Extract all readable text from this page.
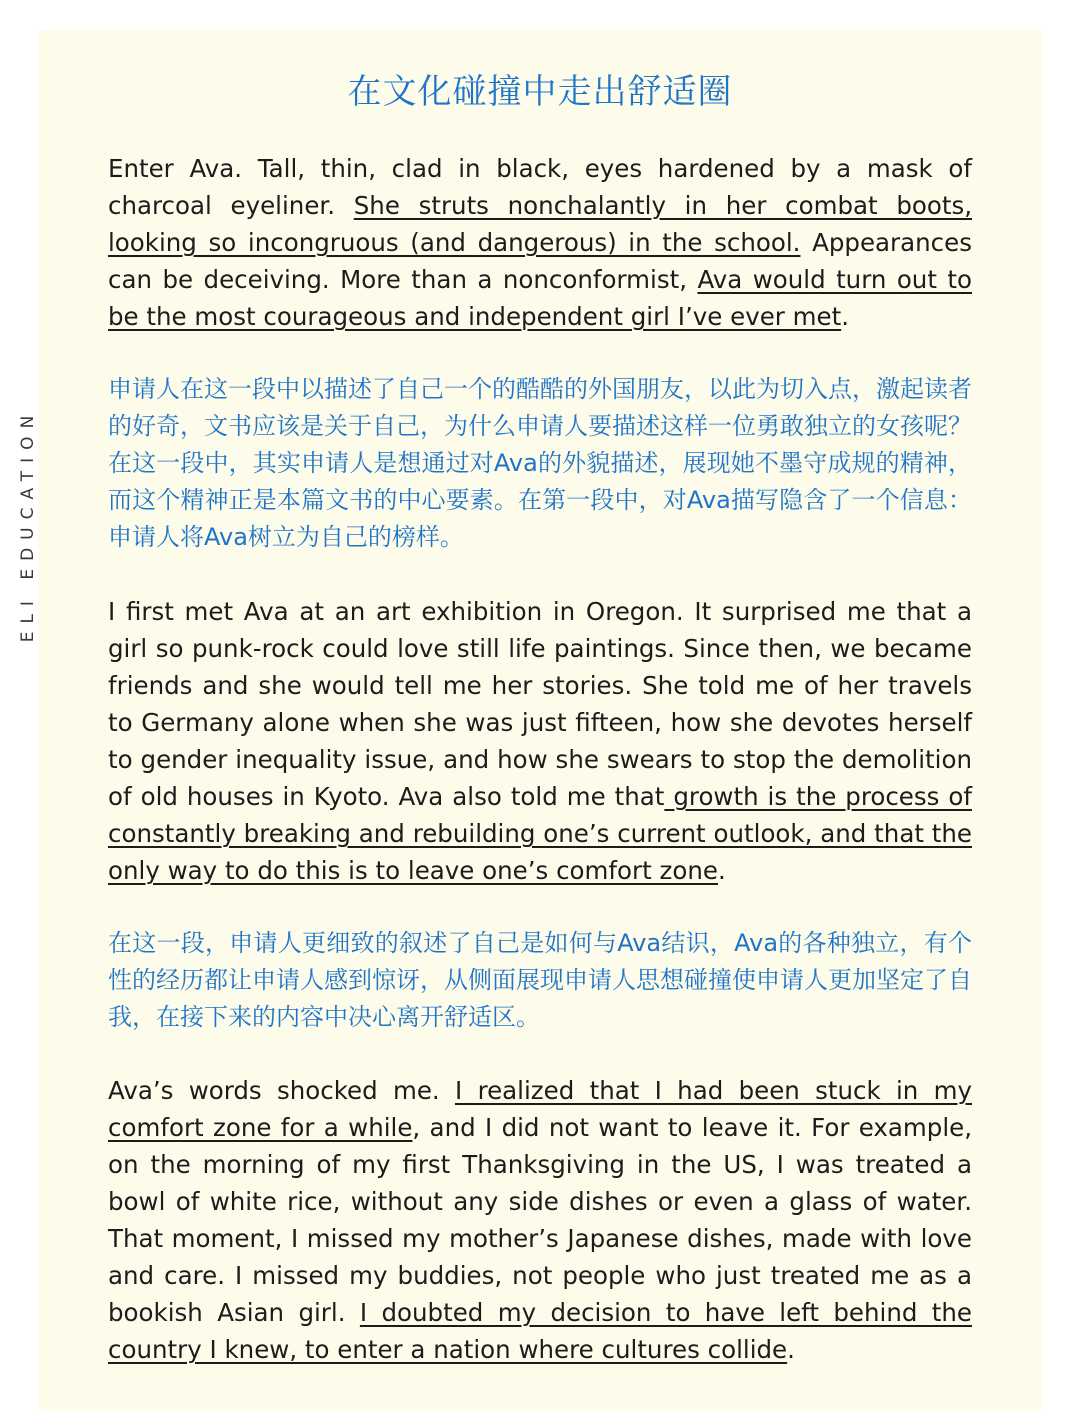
ELI EDUCATION
在文化碰撞中走出舒适圈
Enter Ava. Tall, thin, clad in black, eyes hardened by a mask of charcoal eyeliner. She struts nonchalantly in her combat boots, looking so incongruous (and dangerous) in the school. Appearances can be deceiving. More than a nonconformist, Ava would turn out to be the most courageous and independent girl I’ve ever met.
申请人在这一段中以描述了自己一个的酷酷的外国朋友，以此为切入点，激起读者的好奇，文书应该是关于自己，为什么申请人要描述这样一位勇敢独立的女孩呢？在这一段中，其实申请人是想通过对Ava的外貌描述，展现她不墨守成规的精神，而这个精神正是本篇文书的中心要素。在第一段中，对Ava描写隐含了一个信息：申请人将Ava树立为自己的榜样。
I first met Ava at an art exhibition in Oregon. It surprised me that a girl so punk-rock could love still life paintings. Since then, we became friends and she would tell me her stories. She told me of her travels to Germany alone when she was just fifteen, how she devotes herself to gender inequality issue, and how she swears to stop the demolition of old houses in Kyoto. Ava also told me that growth is the process of constantly breaking and rebuilding one’s current outlook, and that the only way to do this is to leave one’s comfort zone.
在这一段，申请人更细致的叙述了自己是如何与Ava结识，Ava的各种独立，有个性的经历都让申请人感到惊讶，从侧面展现申请人思想碰撞使申请人更加坚定了自我，在接下来的内容中决心离开舒适区。
Ava’s words shocked me. I realized that I had been stuck in my comfort zone for a while, and I did not want to leave it. For example, on the morning of my first Thanksgiving in the US, I was treated a bowl of white rice, without any side dishes or even a glass of water. That moment, I missed my mother’s Japanese dishes, made with love and care. I missed my buddies, not people who just treated me as a bookish Asian girl. I doubted my decision to have left behind the country I knew, to enter a nation where cultures collide.
